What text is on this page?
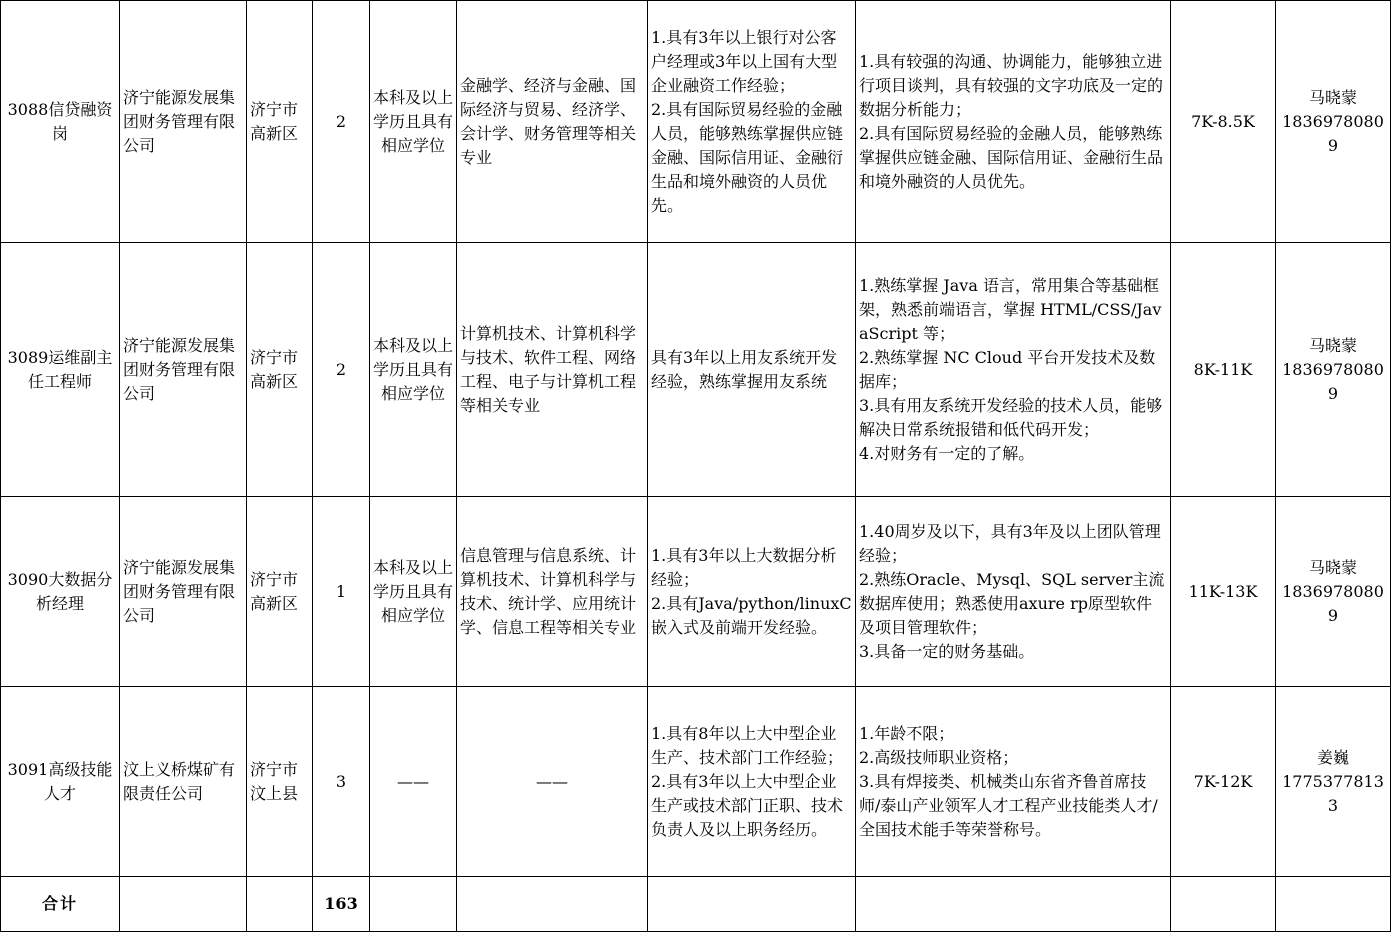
3088信贷融资岗	济宁能源发展集团财务管理有限公司	济宁市高新区	2	本科及以上学历且具有相应学位	金融学、经济与金融、国际经济与贸易、经济学、会计学、财务管理等相关专业	1.具有3年以上银行对公客户经理或3年以上国有大型企业融资工作经验；
2.具有国际贸易经验的金融人员，能够熟练掌握供应链金融、国际信用证、金融衍生品和境外融资的人员优先。	1.具有较强的沟通、协调能力，能够独立进行项目谈判，具有较强的文字功底及一定的数据分析能力；
2.具有国际贸易经验的金融人员，能够熟练掌握供应链金融、国际信用证、金融衍生品和境外融资的人员优先。	7K-8.5K	马晓蒙
18369780809

3089运维副主任工程师	济宁能源发展集团财务管理有限公司	济宁市高新区	2	本科及以上学历且具有相应学位	计算机技术、计算机科学与技术、软件工程、网络工程、电子与计算机工程等相关专业	具有3年以上用友系统开发经验，熟练掌握用友系统	1.熟练掌握 Java 语言，常用集合等基础框架，熟悉前端语言，掌握 HTML/CSS/JavaScript 等；
2.熟练掌握 NC Cloud 平台开发技术及数据库；
3.具有用友系统开发经验的技术人员，能够解决日常系统报错和低代码开发；
4.对财务有一定的了解。	8K-11K	马晓蒙
18369780809

3090大数据分析经理	济宁能源发展集团财务管理有限公司	济宁市高新区	1	本科及以上学历且具有相应学位	信息管理与信息系统、计算机技术、计算机科学与技术、统计学、应用统计学、信息工程等相关专业	1.具有3年以上大数据分析经验；
2.具有Java/python/linuxC嵌入式及前端开发经验。	1.40周岁及以下，具有3年及以上团队管理经验；
2.熟练Oracle、Mysql、SQL server主流数据库使用；熟悉使用axure rp原型软件及项目管理软件；
3.具备一定的财务基础。	11K-13K	马晓蒙
18369780809

3091高级技能人才	汶上义桥煤矿有限责任公司	济宁市汶上县	3	——	——	1.具有8年以上大中型企业生产、技术部门工作经验；
2.具有3年以上大中型企业生产或技术部门正职、技术负责人及以上职务经历。	1.年龄不限；
2.高级技师职业资格；
3.具有焊接类、机械类山东省齐鲁首席技师/泰山产业领军人才工程产业技能类人才/全国技术能手等荣誉称号。	7K-12K	姜巍
17753778133

合计			163						
